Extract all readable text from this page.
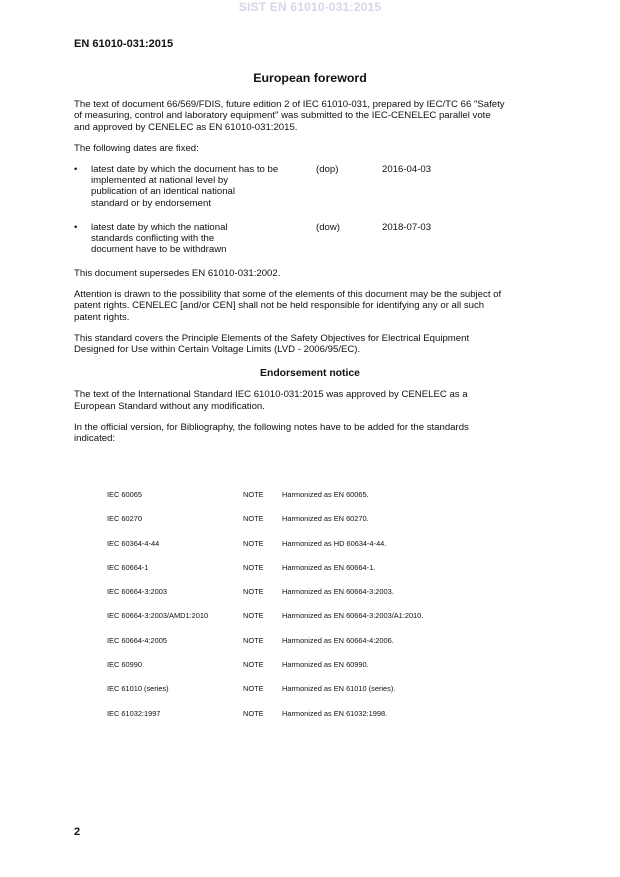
SIST EN 61010-031:2015
EN 61010-031:2015
European foreword
The text of document 66/569/FDIS, future edition 2 of IEC 61010-031, prepared by IEC/TC 66 "Safety
of measuring, control and laboratory equipment" was submitted to the IEC-CENELEC parallel vote
and approved by CENELEC as EN 61010-031:2015.
The following dates are fixed:
•	latest date by which the document has to be
implemented at national level by
publication of an identical national
standard or by endorsement
(dop)	2016-04-03
•	latest date by which the national
standards conflicting with the
document have to be withdrawn
(dow)	2018-07-03
This document supersedes EN 61010-031:2002.
Attention is drawn to the possibility that some of the elements of this document may be the subject of
patent rights. CENELEC [and/or CEN] shall not be held responsible for identifying any or all such
patent rights.
This standard covers the Principle Elements of the Safety Objectives for Electrical Equipment
Designed for Use within Certain Voltage Limits (LVD - 2006/95/EC).
Endorsement notice
The text of the International Standard IEC 61010-031:2015 was approved by CENELEC as a
European Standard without any modification.
In the official version, for Bibliography, the following notes have to be added for the standards
indicated:
IEC 60065	NOTE Harmonized as EN 60065.
IEC 60270	NOTE Harmonized as EN 60270.
IEC 60364-4-44	NOTE Harmonized as HD 60634-4-44.
IEC 60664-1	NOTE Harmonized as EN 60664-1.
IEC 60664-3:2003	NOTE Harmonized as EN 60664-3:2003.
IEC 60664-3:2003/AMD1:2010	NOTE Harmonized as EN 60664-3:2003/A1:2010.
IEC 60664-4:2005	NOTE Harmonized as EN 60664-4:2006.
IEC 60990	NOTE Harmonized as EN 60990.
IEC 61010 (series)	NOTE Harmonized as EN 61010 (series).
IEC 61032:1997	NOTE Harmonized as EN 61032:1998.
2
